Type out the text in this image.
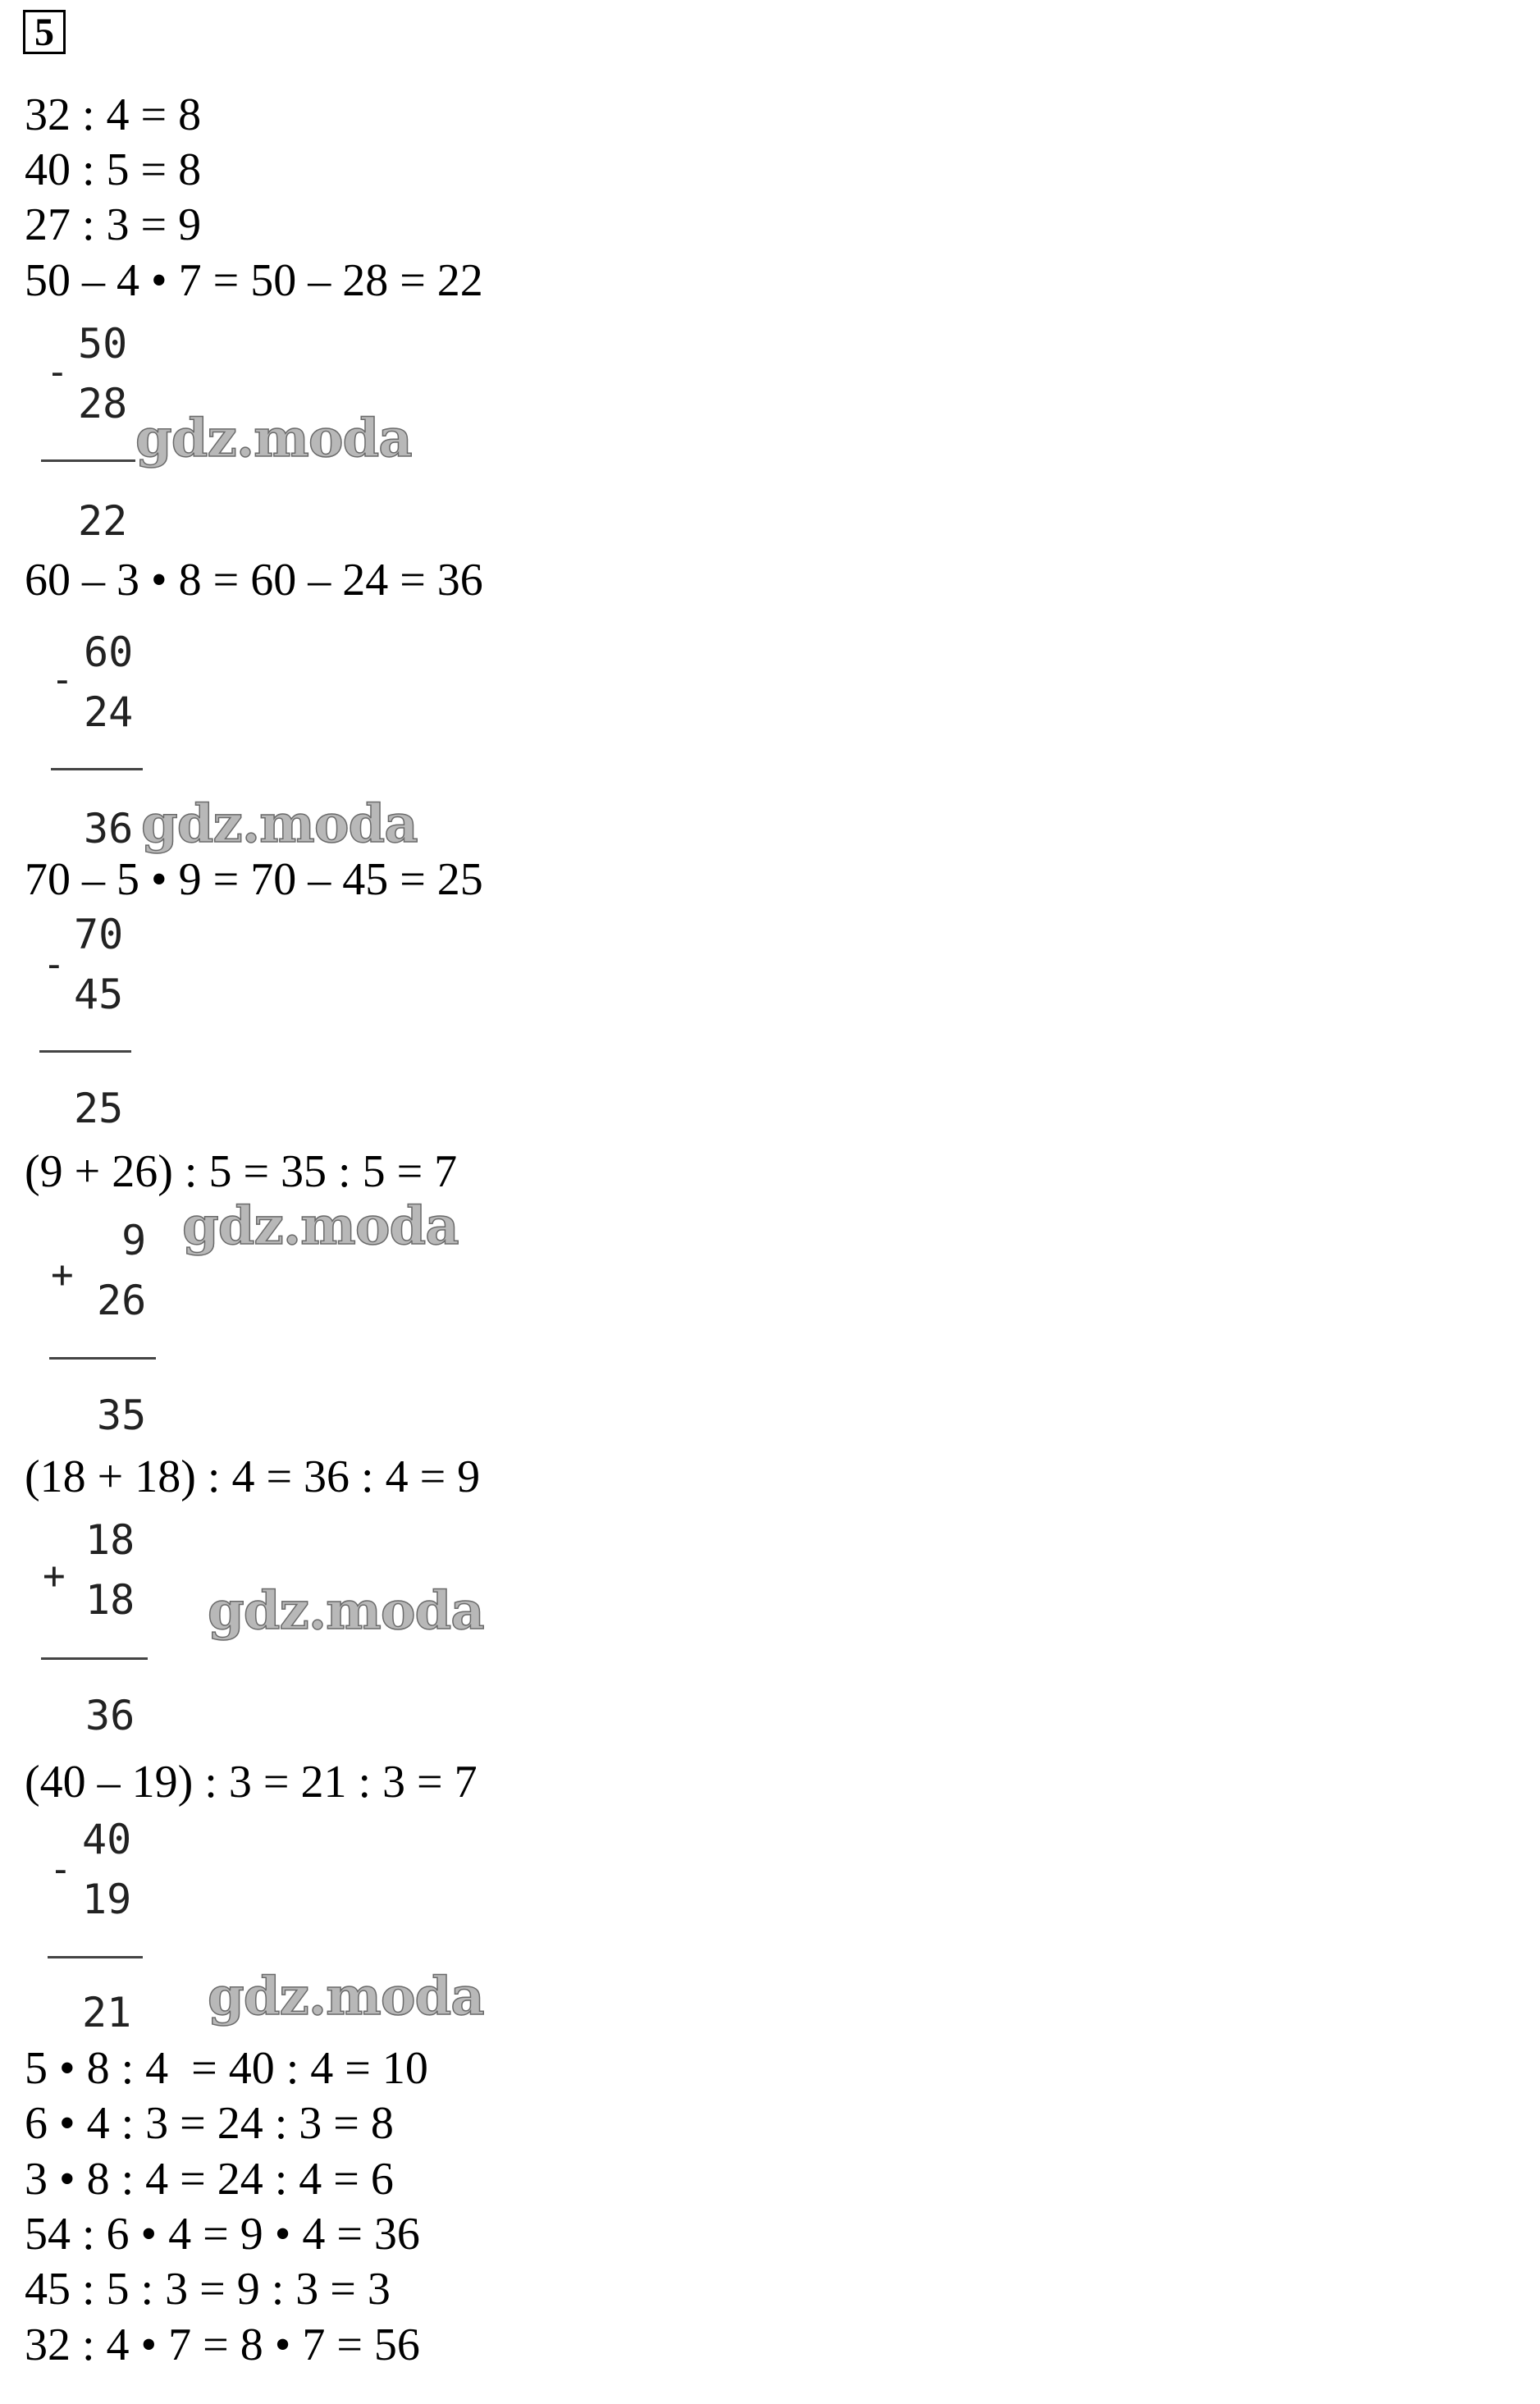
5
32 : 4 = 8
40 : 5 = 8
27 : 3 = 9
50 – 4 • 7 = 50 – 28 = 22
-
50
28
22
60 – 3 • 8 = 60 – 24 = 36
-
60
24
36
70 – 5 • 9 = 70 – 45 = 25
-
70
45
25
(9 + 26) : 5 = 35 : 5 = 7
+
9
26
35
(18 + 18) : 4 = 36 : 4 = 9
+
18
18
36
(40 – 19) : 3 = 21 : 3 = 7
-
40
19
21
5 • 8 : 4  = 40 : 4 = 10
6 • 4 : 3 = 24 : 3 = 8
3 • 8 : 4 = 24 : 4 = 6
54 : 6 • 4 = 9 • 4 = 36
45 : 5 : 3 = 9 : 3 = 3
32 : 4 • 7 = 8 • 7 = 56
gdz.moda
gdz.moda
gdz.moda
gdz.moda
gdz.moda
